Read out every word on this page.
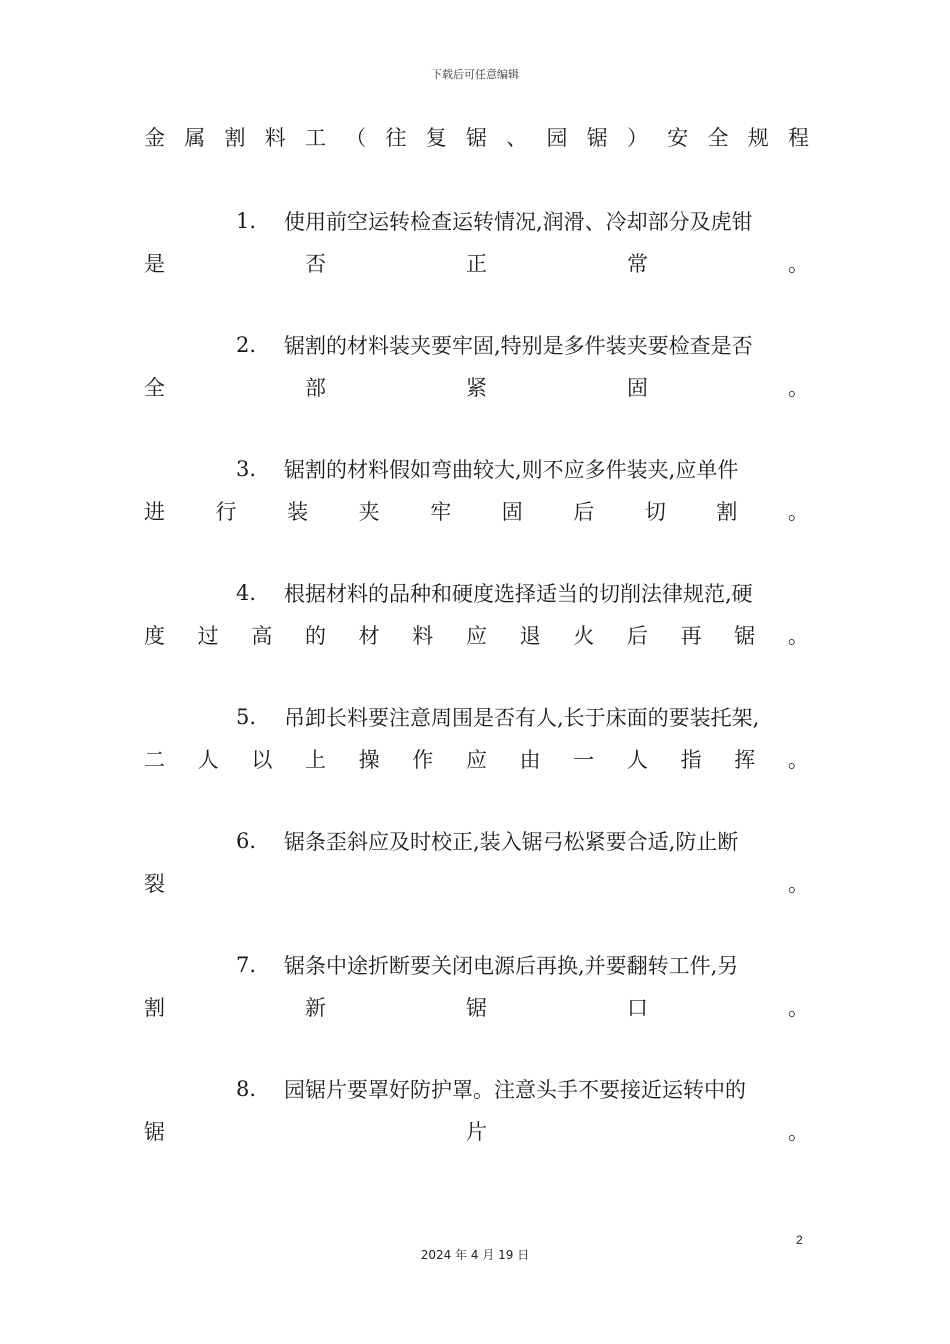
下载后可任意编辑
金 属 割 料 工 （ 往 复 锯 、 园 锯 ） 安 全 规 程
1.	使用前空运转检查运转情况,润滑、冷却部分及虎钳
是	否	正	常	。
2.	锯割的材料装夹要牢固,特别是多件装夹要检查是否
全	部	紧	固	。
3.	锯割的材料假如弯曲较大,则不应多件装夹,应单件
进 行 装 夹 牢 固 后 切 割 。
4.	根据材料的品种和硬度选择适当的切削法律规范,硬
度 过 高 的 材 料 应 退 火 后 再 锯 。
5.	吊卸长料要注意周围是否有人,长于床面的要装托架,
二 人 以 上 操 作 应 由 一 人 指 挥 。
6.	锯条歪斜应及时校正,装入锯弓松紧要合适,防止断
裂	。
7.	锯条中途折断要关闭电源后再换,并要翻转工件,另
割	新	锯	口	。
8.	园锯片要罩好防护罩。注意头手不要接近运转中的
锯	片	。
2
2024 年 4 月 19 日
